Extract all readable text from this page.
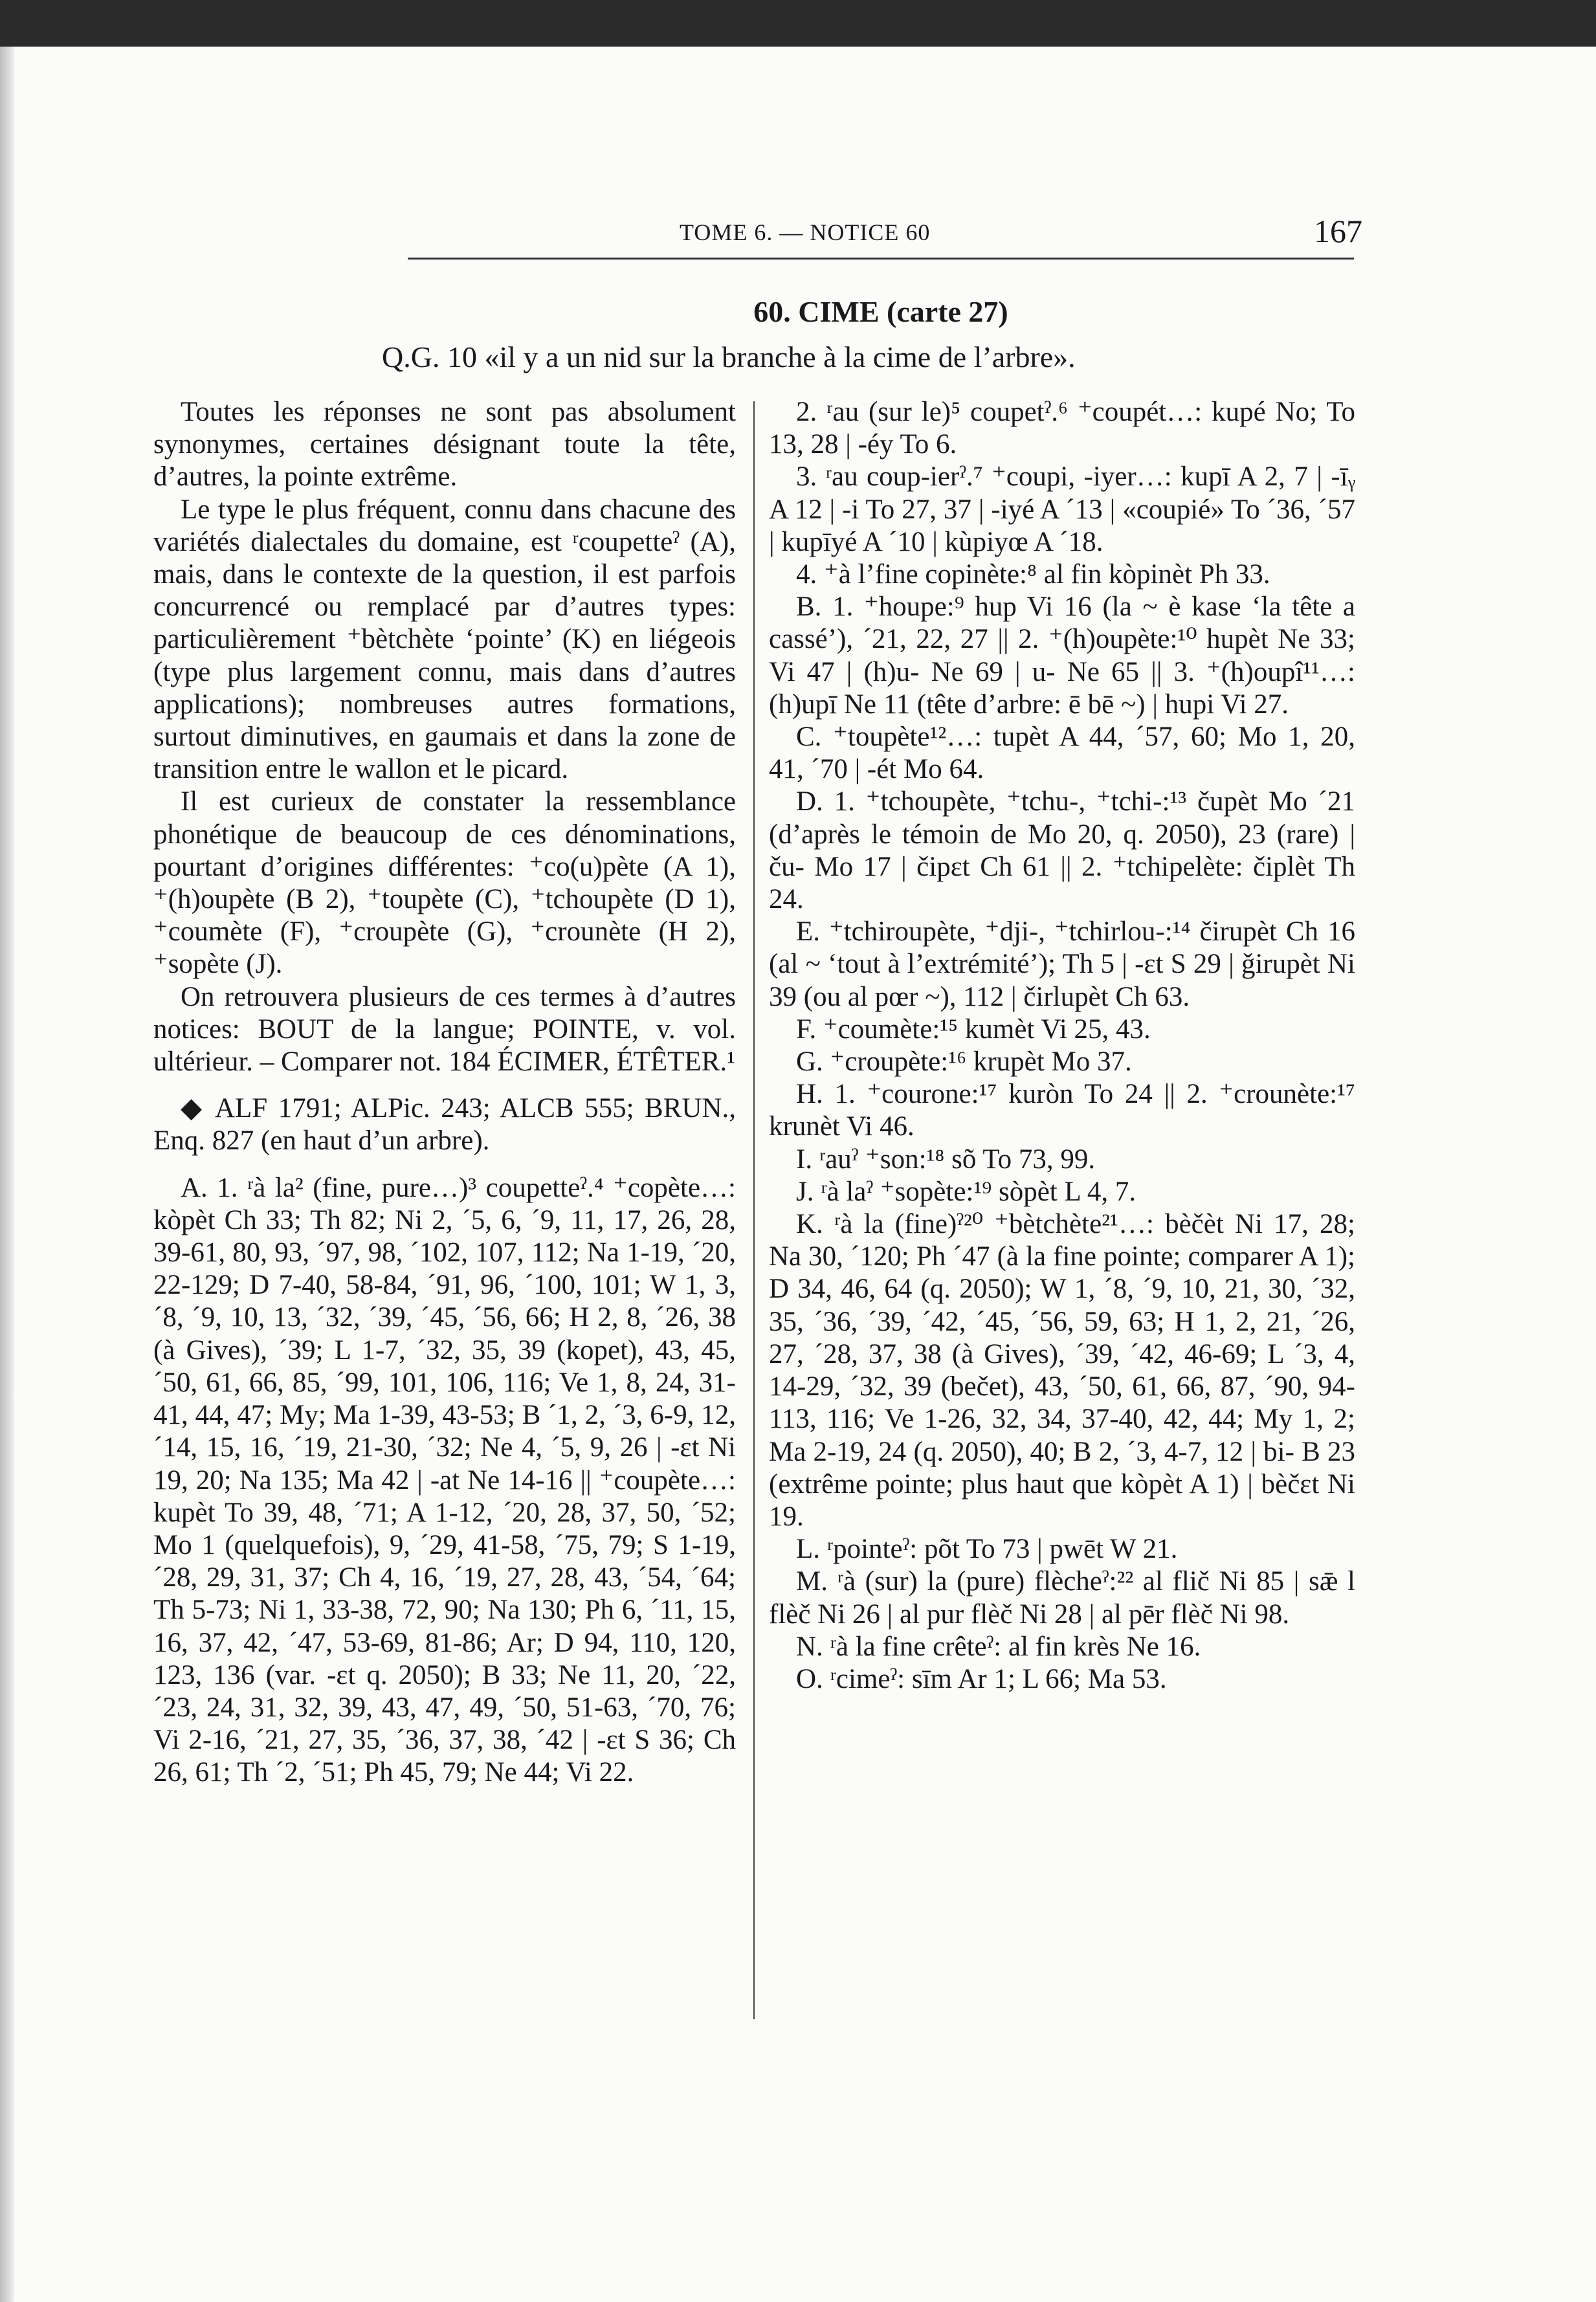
TOME 6. — NOTICE 60	167
60. CIME (carte 27)
Q.G. 10 «il y a un nid sur la branche à la cime de l’arbre».

Toutes les réponses ne sont pas absolument synonymes, certaines désignant toute la tête, d’autres, la pointe extrême.

Le type le plus fréquent, connu dans chacune des variétés dialectales du domaine, est ʳcoupetteˀ (A), mais, dans le contexte de la question, il est parfois concurrencé ou remplacé par d’autres types: particulièrement ⁺bètchète ‘pointe’ (K) en liégeois (type plus largement connu, mais dans d’autres applications); nombreuses autres formations, surtout diminutives, en gaumais et dans la zone de transition entre le wallon et le picard.

Il est curieux de constater la ressemblance phonétique de beaucoup de ces dénominations, pourtant d’origines différentes: ⁺co(u)pète (A 1), ⁺(h)oupète (B 2), ⁺toupète (C), ⁺tchoupète (D 1), ⁺coumète (F), ⁺croupète (G), ⁺crounète (H 2), ⁺sopète (J).

On retrouvera plusieurs de ces termes à d’autres notices: BOUT de la langue; POINTE, v. vol. ultérieur. – Comparer not. 184 ÉCIMER, ÉTÊTER.¹

◆ ALF 1791; ALPic. 243; ALCB 555; BRUN., Enq. 827 (en haut d’un arbre).

A. 1. ʳà la² (fine, pure…)³ coupetteˀ.⁴ ⁺copète…: kòpèt Ch 33; Th 82; Ni 2, ´5, 6, ´9, 11, 17, 26, 28, 39-61, 80, 93, ´97, 98, ´102, 107, 112; Na 1-19, ´20, 22-129; D 7-40, 58-84, ´91, 96, ´100, 101; W 1, 3, ´8, ´9, 10, 13, ´32, ´39, ´45, ´56, 66; H 2, 8, ´26, 38 (à Gives), ´39; L 1-7, ´32, 35, 39 (kopet), 43, 45, ´50, 61, 66, 85, ´99, 101, 106, 116; Ve 1, 8, 24, 31-41, 44, 47; My; Ma 1-39, 43-53; B ´1, 2, ´3, 6-9, 12, ´14, 15, 16, ´19, 21-30, ´32; Ne 4, ´5, 9, 26 | -ɛt Ni 19, 20; Na 135; Ma 42 | -at Ne 14-16 || ⁺coupète…: kupèt To 39, 48, ´71; A 1-12, ´20, 28, 37, 50, ´52; Mo 1 (quelquefois), 9, ´29, 41-58, ´75, 79; S 1-19, ´28, 29, 31, 37; Ch 4, 16, ´19, 27, 28, 43, ´54, ´64; Th 5-73; Ni 1, 33-38, 72, 90; Na 130; Ph 6, ´11, 15, 16, 37, 42, ´47, 53-69, 81-86; Ar; D 94, 110, 120, 123, 136 (var. -ɛt q. 2050); B 33; Ne 11, 20, ´22, ´23, 24, 31, 32, 39, 43, 47, 49, ´50, 51-63, ´70, 76; Vi 2-16, ´21, 27, 35, ´36, 37, 38, ´42 | -ɛt S 36; Ch 26, 61; Th ´2, ´51; Ph 45, 79; Ne 44; Vi 22.

2. ʳau (sur le)⁵ coupetˀ.⁶ ⁺coupét…: kupé No; To 13, 28 | -éy To 6.

3. ʳau coup-ierˀ.⁷ ⁺coupi, -iyer…: kupī A 2, 7 | -īᵧ A 12 | -i To 27, 37 | -iyé A ´13 | «coupié» To ´36, ´57 | kupīyé A ´10 | kùpiyœ A ´18.

4. ⁺à l’fine copinète:⁸ al fin kòpinèt Ph 33.

B. 1. ⁺houpe:⁹ hup Vi 16 (la ~ è kase ‘la tête a cassé’), ´21, 22, 27 || 2. ⁺(h)oupète:¹⁰ hupèt Ne 33; Vi 47 | (h)u- Ne 69 | u- Ne 65 || 3. ⁺(h)oupî¹¹…: (h)upī Ne 11 (tête d’arbre: ē bē ~) | hupi Vi 27.

C. ⁺toupète¹²…: tupèt A 44, ´57, 60; Mo 1, 20, 41, ´70 | -ét Mo 64.

D. 1. ⁺tchoupète, ⁺tchu-, ⁺tchi-:¹³ čupèt Mo ´21 (d’après le témoin de Mo 20, q. 2050), 23 (rare) | ču- Mo 17 | čipɛt Ch 61 || 2. ⁺tchipelète: čiplèt Th 24.

E. ⁺tchiroupète, ⁺dji-, ⁺tchirlou-:¹⁴ čirupèt Ch 16 (al ~ ‘tout à l’extrémité’); Th 5 | -ɛt S 29 | ǧirupèt Ni 39 (ou al pœr ~), 112 | čirlupèt Ch 63.

F. ⁺coumète:¹⁵ kumèt Vi 25, 43.

G. ⁺croupète:¹⁶ krupèt Mo 37.

H. 1. ⁺courone:¹⁷ kuròn To 24 || 2. ⁺crounète:¹⁷ krunèt Vi 46.

I. ʳauˀ ⁺son:¹⁸ sõ To 73, 99.

J. ʳà laˀ ⁺sopète:¹⁹ sòpèt L 4, 7.

K. ʳà la (fine)ˀ²⁰ ⁺bètchète²¹…: bèčèt Ni 17, 28; Na 30, ´120; Ph ´47 (à la fine pointe; comparer A 1); D 34, 46, 64 (q. 2050); W 1, ´8, ´9, 10, 21, 30, ´32, 35, ´36, ´39, ´42, ´45, ´56, 59, 63; H 1, 2, 21, ´26, 27, ´28, 37, 38 (à Gives), ´39, ´42, 46-69; L ´3, 4, 14-29, ´32, 39 (bečet), 43, ´50, 61, 66, 87, ´90, 94-113, 116; Ve 1-26, 32, 34, 37-40, 42, 44; My 1, 2; Ma 2-19, 24 (q. 2050), 40; B 2, ´3, 4-7, 12 | bi- B 23 (extrême pointe; plus haut que kòpèt A 1) | bèčɛt Ni 19.

L. ʳpointeˀ: põt To 73 | pwēt W 21.

M. ʳà (sur) la (pure) flècheˀ:²² al flič Ni 85 | sǣ l flèč Ni 26 | al pur flèč Ni 28 | al pēr flèč Ni 98.

N. ʳà la fine crêteˀ: al fin krès Ne 16.

O. ʳcimeˀ: sīm Ar 1; L 66; Ma 53.
